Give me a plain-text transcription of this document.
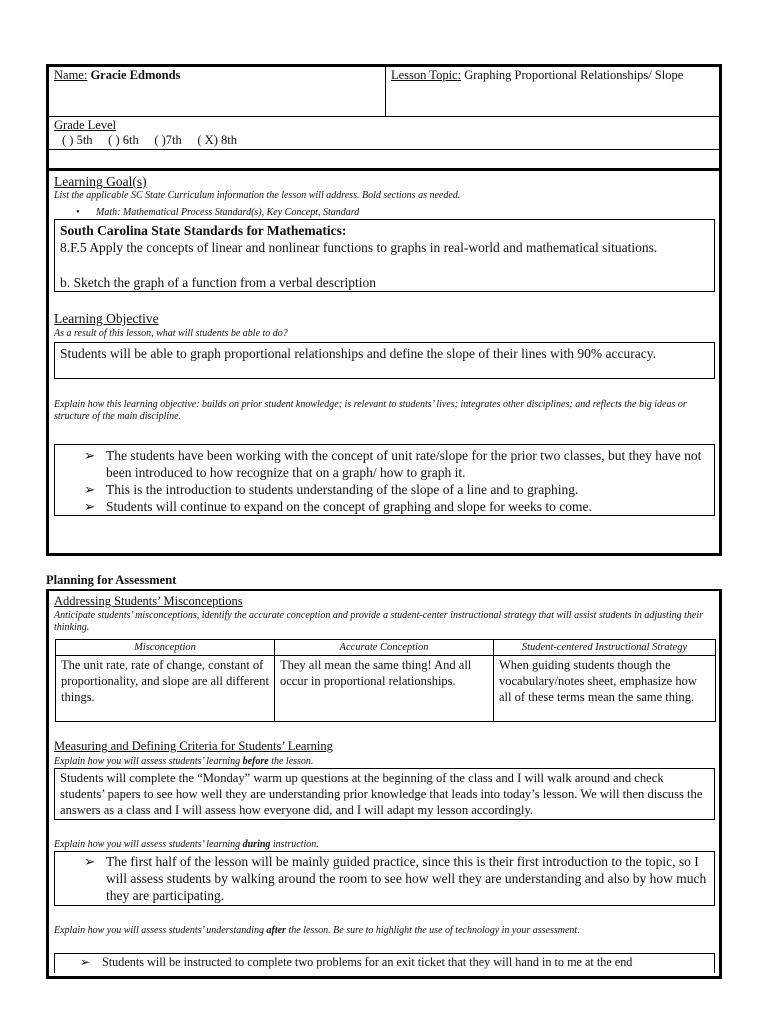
Name: Gracie Edmonds	Lesson Topic: Graphing Proportional Relationships/ Slope
Grade Level
( ) 5th     ( ) 6th     ( )7th     ( X) 8th
Learning Goal(s)
List the applicable SC State Curriculum information the lesson will address. Bold sections as needed.
• Math: Mathematical Process Standard(s), Key Concept, Standard
South Carolina State Standards for Mathematics:
8.F.5 Apply the concepts of linear and nonlinear functions to graphs in real-world and mathematical situations.
b. Sketch the graph of a function from a verbal description
Learning Objective
As a result of this lesson, what will students be able to do?
Students will be able to graph proportional relationships and define the slope of their lines with 90% accuracy.
Explain how this learning objective: builds on prior student knowledge; is relevant to students’ lives; integrates other disciplines; and reflects the big ideas or structure of the main discipline.
➢ The students have been working with the concept of unit rate/slope for the prior two classes, but they have not been introduced to how recognize that on a graph/ how to graph it.
➢ This is the introduction to students understanding of the slope of a line and to graphing.
➢ Students will continue to expand on the concept of graphing and slope for weeks to come.
Planning for Assessment
Addressing Students’ Misconceptions
Anticipate students’ misconceptions, identify the accurate conception and provide a student-center instructional strategy that will assist students in adjusting their thinking.
Misconception	Accurate Conception	Student-centered Instructional Strategy
The unit rate, rate of change, constant of proportionality, and slope are all different things.	They all mean the same thing! And all occur in proportional relationships.	When guiding students though the vocabulary/notes sheet, emphasize how all of these terms mean the same thing.
Measuring and Defining Criteria for Students’ Learning
Explain how you will assess students’ learning before the lesson.
Students will complete the “Monday” warm up questions at the beginning of the class and I will walk around and check students’ papers to see how well they are understanding prior knowledge that leads into today’s lesson. We will then discuss the answers as a class and I will assess how everyone did, and I will adapt my lesson accordingly.
Explain how you will assess students’ learning during instruction.
➢ The first half of the lesson will be mainly guided practice, since this is their first introduction to the topic, so I will assess students by walking around the room to see how well they are understanding and also by how much they are participating.
Explain how you will assess students’ understanding after the lesson. Be sure to highlight the use of technology in your assessment.
➢ Students will be instructed to complete two problems for an exit ticket that they will hand in to me at the end
